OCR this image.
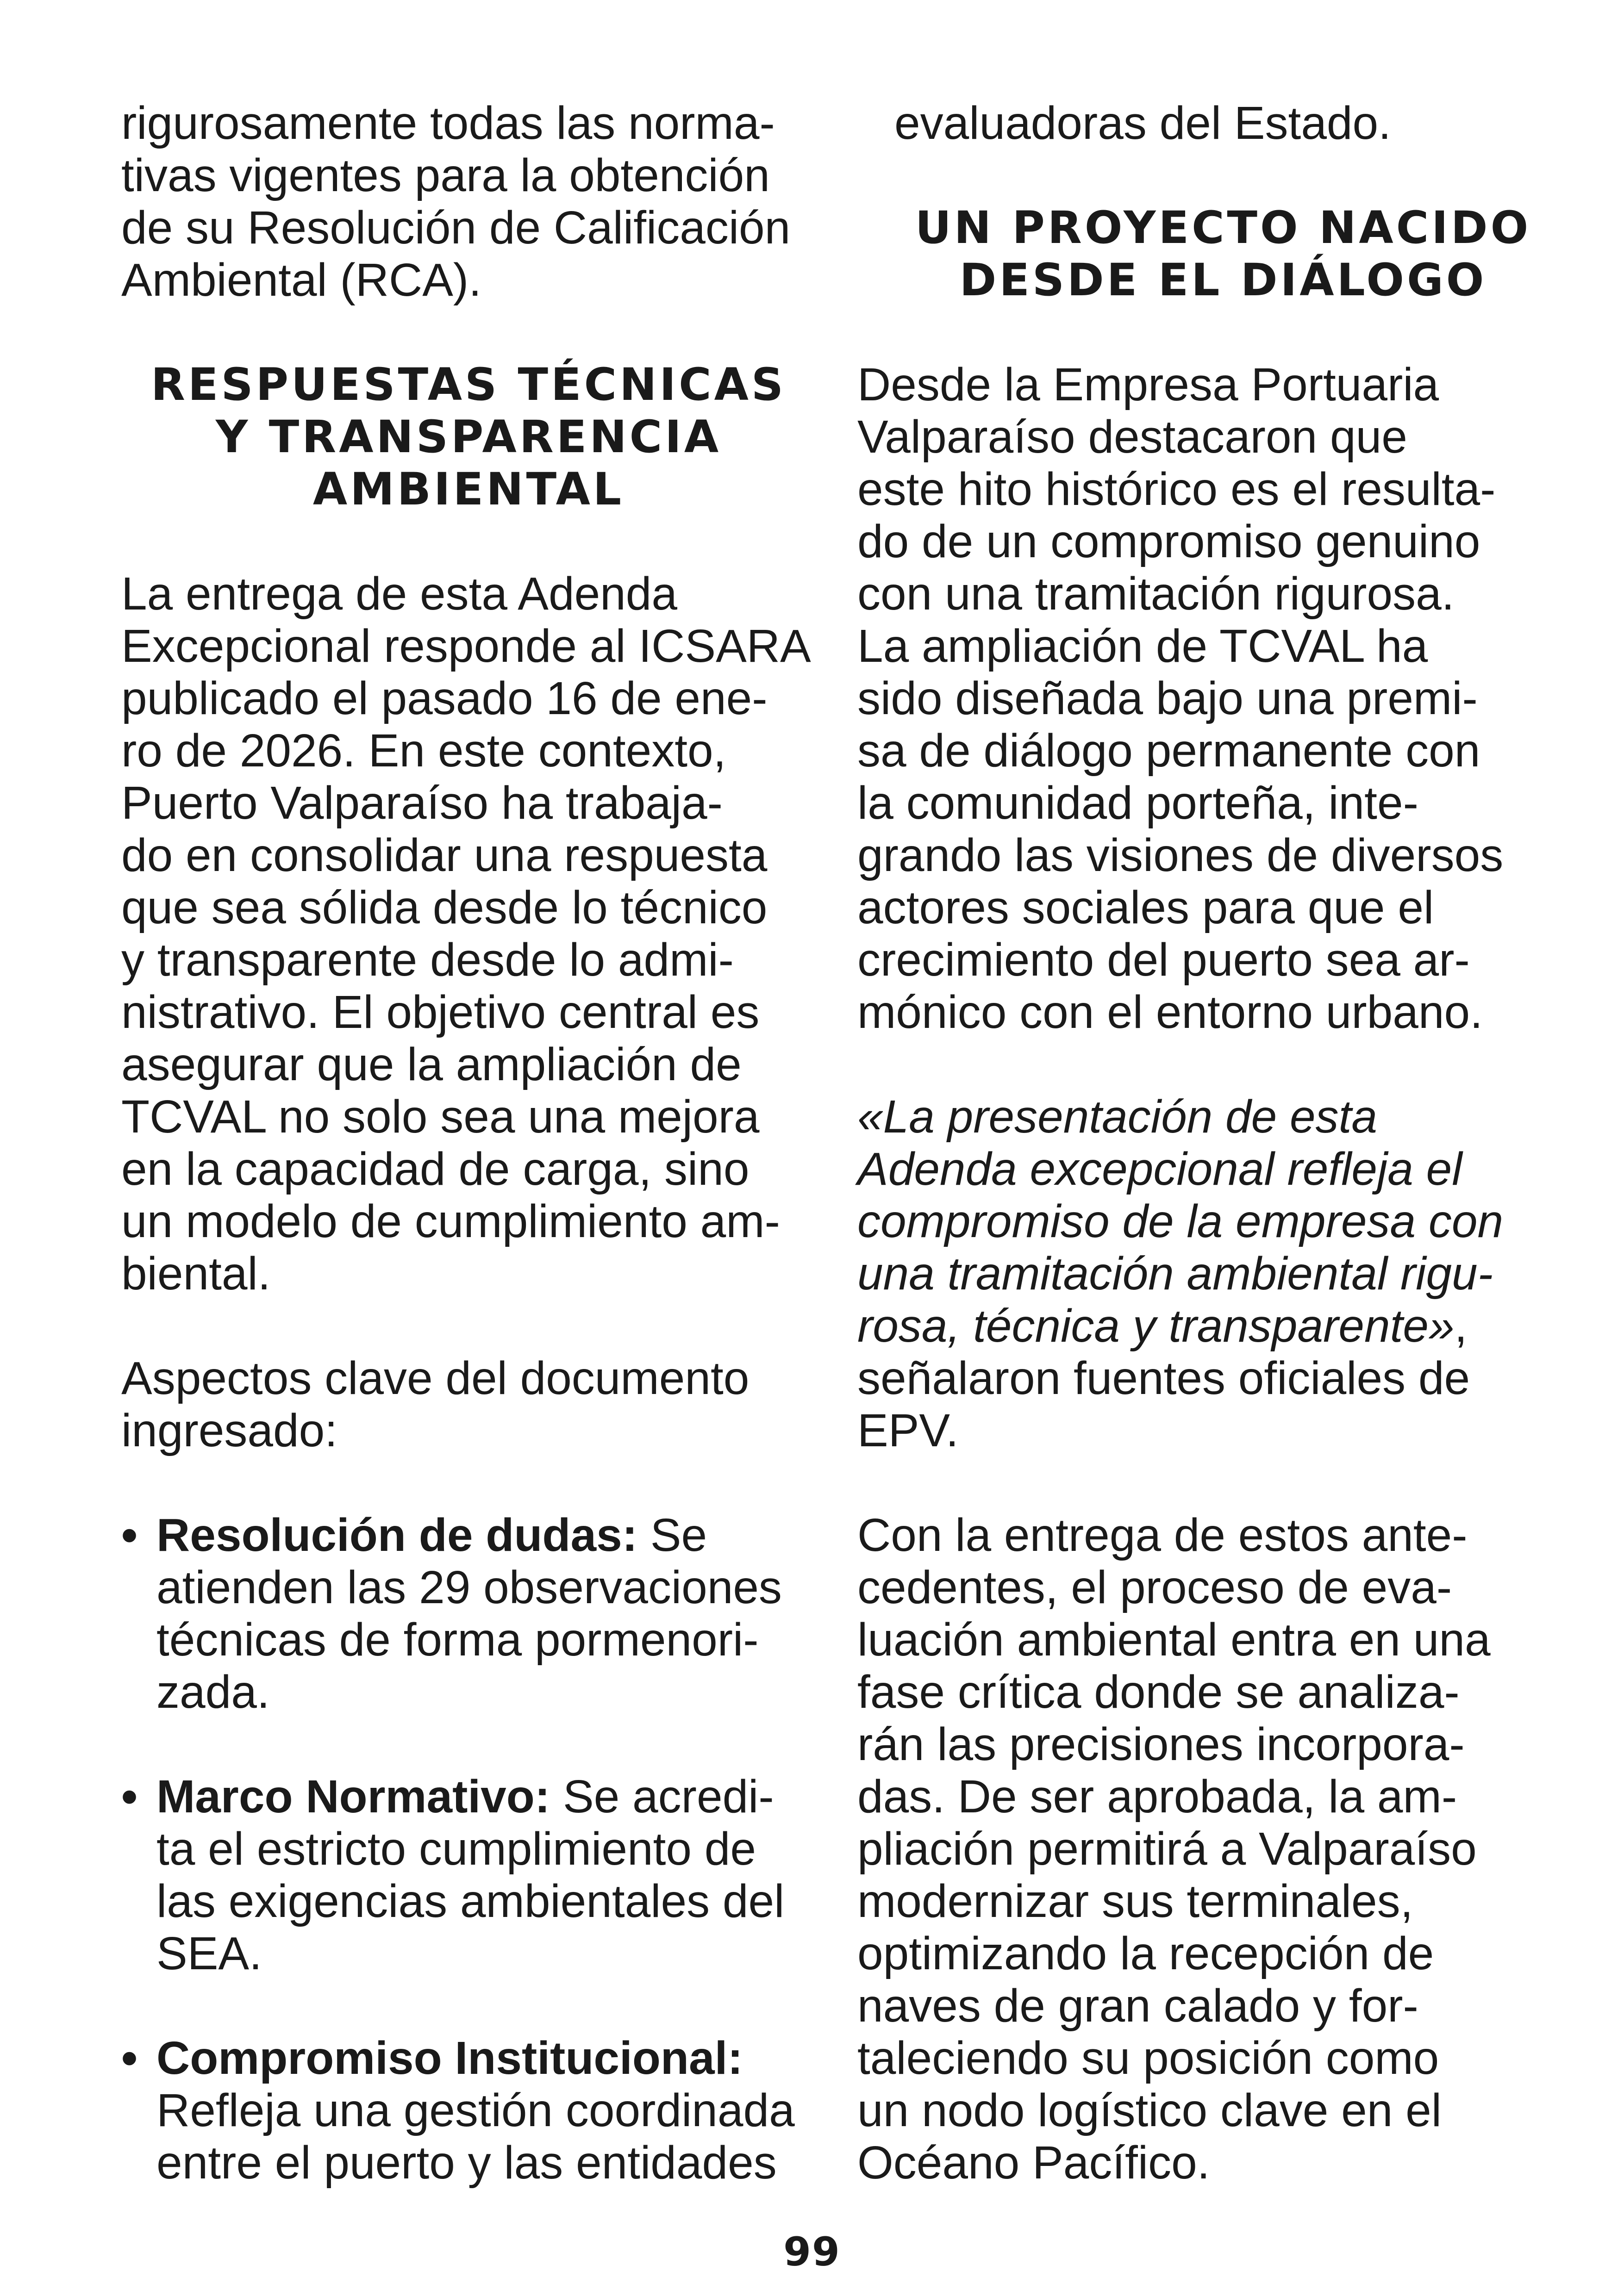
rigurosamente todas las norma-
tivas vigentes para la obtención
de su Resolución de Calificación
Ambiental (RCA).
RESPUESTAS TÉCNICAS
Y TRANSPARENCIA
AMBIENTAL
La entrega de esta Adenda
Excepcional responde al ICSARA
publicado el pasado 16 de ene-
ro de 2026. En este contexto,
Puerto Valparaíso ha trabaja-
do en consolidar una respuesta
que sea sólida desde lo técnico
y transparente desde lo admi-
nistrativo. El objetivo central es
asegurar que la ampliación de
TCVAL no solo sea una mejora
en la capacidad de carga, sino
un modelo de cumplimiento am-
biental.
Aspectos clave del documento
ingresado:
• Resolución de dudas: Se
atienden las 29 observaciones
técnicas de forma pormenori-
zada.
• Marco Normativo: Se acredi-
ta el estricto cumplimiento de
las exigencias ambientales del
SEA.
• Compromiso Institucional:
Refleja una gestión coordinada
entre el puerto y las entidades
evaluadoras del Estado.
UN PROYECTO NACIDO
DESDE EL DIÁLOGO
Desde la Empresa Portuaria
Valparaíso destacaron que
este hito histórico es el resulta-
do de un compromiso genuino
con una tramitación rigurosa.
La ampliación de TCVAL ha
sido diseñada bajo una premi-
sa de diálogo permanente con
la comunidad porteña, inte-
grando las visiones de diversos
actores sociales para que el
crecimiento del puerto sea ar-
mónico con el entorno urbano.
«La presentación de esta
Adenda excepcional refleja el
compromiso de la empresa con
una tramitación ambiental rigu-
rosa, técnica y transparente»,
señalaron fuentes oficiales de
EPV.
Con la entrega de estos ante-
cedentes, el proceso de eva-
luación ambiental entra en una
fase crítica donde se analiza-
rán las precisiones incorpora-
das. De ser aprobada, la am-
pliación permitirá a Valparaíso
modernizar sus terminales,
optimizando la recepción de
naves de gran calado y for-
taleciendo su posición como
un nodo logístico clave en el
Océano Pacífico.
99
